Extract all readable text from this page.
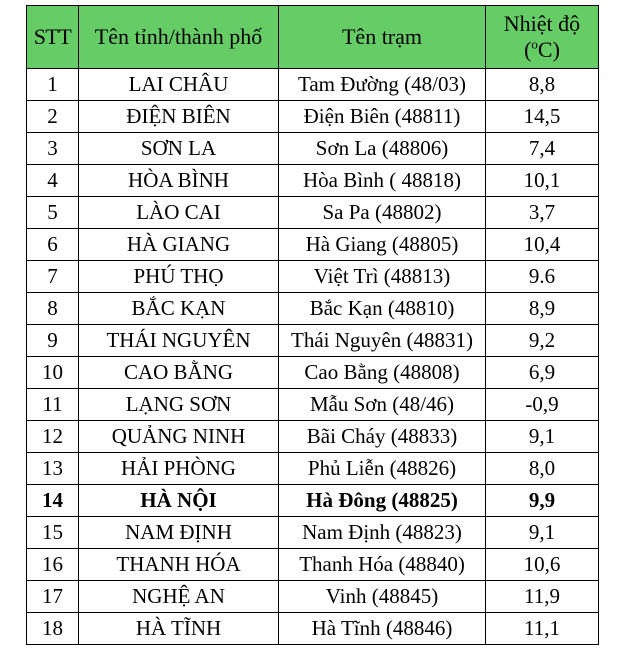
STT	Tên tỉnh/thành phố	Tên trạm	Nhiệt độ
($^o$C)

1	LAI CHÂU	Tam Đường (48/03)	8,8
2	ĐIỆN BIÊN	Điện Biên (48811)	14,5
3	SƠN LA	Sơn La (48806)	7,4
4	HÒA BÌNH	Hòa Bình ( 48818)	10,1
5	LÀO CAI	Sa Pa (48802)	3,7
6	HÀ GIANG	Hà Giang (48805)	10,4
7	PHÚ THỌ	Việt Trì (48813)	9.6
8	BẮC KẠN	Bắc Kạn (48810)	8,9
9	THÁI NGUYÊN	Thái Nguyên (48831)	9,2
10	CAO BẰNG	Cao Bằng (48808)	6,9
11	LẠNG SƠN	Mẫu Sơn (48/46)	-0,9
12	QUẢNG NINH	Bãi Cháy (48833)	9,1
13	HẢI PHÒNG	Phủ Liễn (48826)	8,0
14	HÀ NỘI	Hà Đông (48825)	9,9
15	NAM ĐỊNH	Nam Định (48823)	9,1
16	THANH HÓA	Thanh Hóa (48840)	10,6
17	NGHỆ AN	Vinh (48845)	11,9
18	HÀ TĨNH	Hà Tĩnh (48846)	11,1
